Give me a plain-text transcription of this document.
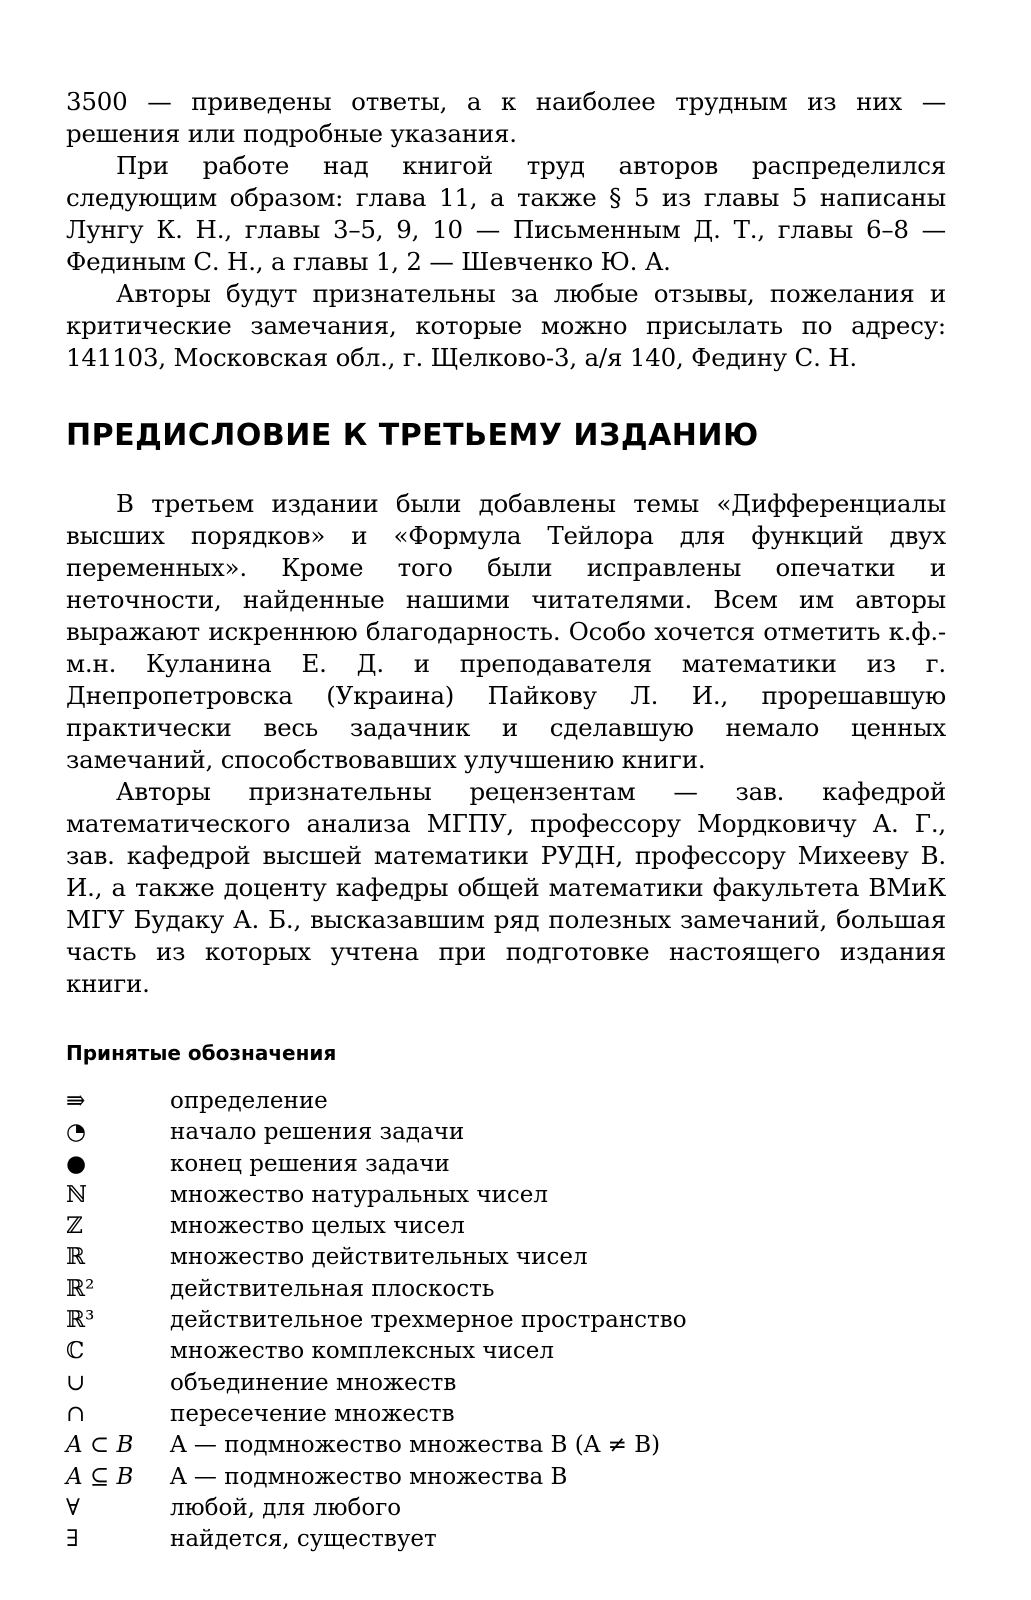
3500 — приведены ответы, а к наиболее трудным из них — решения или подробные указания.

При работе над книгой труд авторов распределился следующим образом: глава 11, а также § 5 из главы 5 написаны Лунгу К. Н., главы 3–5, 9, 10 — Письменным Д. Т., главы 6–8 — Фединым С. Н., а главы 1, 2 — Шевченко Ю. А.

Авторы будут признательны за любые отзывы, пожелания и критические замечания, которые можно присылать по адресу: 141103, Московская обл., г. Щелково-3, а/я 140, Федину С. Н.

ПРЕДИСЛОВИЕ К ТРЕТЬЕМУ ИЗДАНИЮ

В третьем издании были добавлены темы «Дифференциалы высших порядков» и «Формула Тейлора для функций двух переменных». Кроме того были исправлены опечатки и неточности, найденные нашими читателями. Всем им авторы выражают искреннюю благодарность. Особо хочется отметить к.ф.-м.н. Куланина Е. Д. и преподавателя математики из г. Днепропетровска (Украина) Пайкову Л. И., прорешавшую практически весь задачник и сделавшую немало ценных замечаний, способствовавших улучшению книги.

Авторы признательны рецензентам — зав. кафедрой математического анализа МГПУ, профессору Мордковичу А. Г., зав. кафедрой высшей математики РУДН, профессору Михееву В. И., а также доценту кафедры общей математики факультета ВМиК МГУ Будаку А. Б., высказавшим ряд полезных замечаний, большая часть из которых учтена при подготовке настоящего издания книги.

Принятые обозначения
⇛	определение
◔	начало решения задачи
●	конец решения задачи
ℕ	множество натуральных чисел
ℤ	множество целых чисел
ℝ	множество действительных чисел
ℝ²	действительная плоскость
ℝ³	действительное трехмерное пространство
ℂ	множество комплексных чисел
∪	объединение множеств
∩	пересечение множеств
A ⊂ B	A — подмножество множества B (A ≠ B)
A ⊆ B	A — подмножество множества B
∀	любой, для любого
∃	найдется, существует
